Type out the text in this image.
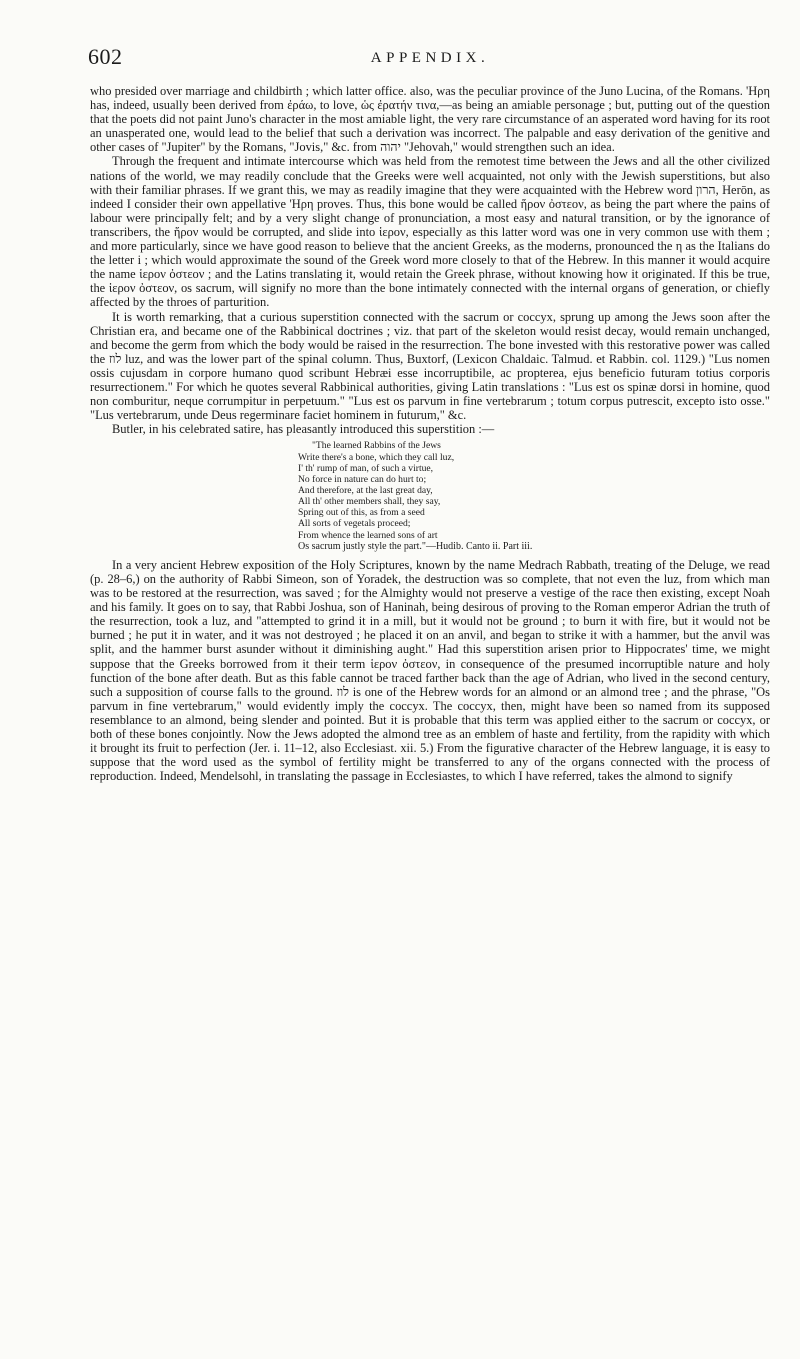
602	APPENDIX.

who presided over marriage and childbirth ; which latter office. also, was the peculiar province of the Juno Lucina, of the Romans. 'Ηρη has, indeed, usually been derived from ἐράω, to love, ὡς ἐρατήν τινα,—as being an amiable personage ; but, putting out of the question that the poets did not paint Juno's character in the most amiable light, the very rare circumstance of an asperated word having for its root an unasperated one, would lead to the belief that such a derivation was incorrect. The palpable and easy derivation of the genitive and other cases of "Jupiter" by the Romans, "Jovis," &c. from יהוה "Jehovah," would strengthen such an idea.

Through the frequent and intimate intercourse which was held from the remotest time between the Jews and all the other civilized nations of the world, we may readily conclude that the Greeks were well acquainted, not only with the Jewish superstitions, but also with their familiar phrases. If we grant this, we may as readily imagine that they were acquainted with the Hebrew word הרון, Herōn, as indeed I consider their own appellative 'Ηρη proves. Thus, this bone would be called ἥρον ὀστεον, as being the part where the pains of labour were principally felt; and by a very slight change of pronunciation, a most easy and natural transition, or by the ignorance of transcribers, the ἥρον would be corrupted, and slide into ἱερον, especially as this latter word was one in very common use with them ; and more particularly, since we have good reason to believe that the ancient Greeks, as the moderns, pronounced the η as the Italians do the letter i ; which would approximate the sound of the Greek word more closely to that of the Hebrew. In this manner it would acquire the name ἱερον ὀστεον ; and the Latins translating it, would retain the Greek phrase, without knowing how it originated. If this be true, the ἱερον ὀστεον, os sacrum, will signify no more than the bone intimately connected with the internal organs of generation, or chiefly affected by the throes of parturition.

It is worth remarking, that a curious superstition connected with the sacrum or coccyx, sprung up among the Jews soon after the Christian era, and became one of the Rabbinical doctrines ; viz. that part of the skeleton would resist decay, would remain unchanged, and become the germ from which the body would be raised in the resurrection. The bone invested with this restorative power was called the לוז luz, and was the lower part of the spinal column. Thus, Buxtorf, (Lexicon Chaldaic. Talmud. et Rabbin. col. 1129.) "Lus nomen ossis cujusdam in corpore humano quod scribunt Hebræi esse incorruptibile, ac propterea, ejus beneficio futuram totius corporis resurrectionem." For which he quotes several Rabbinical authorities, giving Latin translations : "Lus est os spinæ dorsi in homine, quod non comburitur, neque corrumpitur in perpetuum." "Lus est os parvum in fine vertebrarum ; totum corpus putrescit, excepto isto osse." "Lus vertebrarum, unde Deus regerminare faciet hominem in futurum," &c.

Butler, in his celebrated satire, has pleasantly introduced this superstition :—

"The learned Rabbins of the Jews
Write there's a bone, which they call luz,
I' th' rump of man, of such a virtue,
No force in nature can do hurt to;
And therefore, at the last great day,
All th' other members shall, they say,
Spring out of this, as from a seed
All sorts of vegetals proceed;
From whence the learned sons of art
Os sacrum justly style the part."—Hudib. Canto ii. Part iii.

In a very ancient Hebrew exposition of the Holy Scriptures, known by the name Medrach Rabbath, treating of the Deluge, we read (p. 28–6,) on the authority of Rabbi Simeon, son of Yoradek, the destruction was so complete, that not even the luz, from which man was to be restored at the resurrection, was saved ; for the Almighty would not preserve a vestige of the race then existing, except Noah and his family. It goes on to say, that Rabbi Joshua, son of Haninah, being desirous of proving to the Roman emperor Adrian the truth of the resurrection, took a luz, and "attempted to grind it in a mill, but it would not be ground ; to burn it with fire, but it would not be burned ; he put it in water, and it was not destroyed ; he placed it on an anvil, and began to strike it with a hammer, but the anvil was split, and the hammer burst asunder without it diminishing aught." Had this superstition arisen prior to Hippocrates' time, we might suppose that the Greeks borrowed from it their term ἱερον ὀστεον, in consequence of the presumed incorruptible nature and holy function of the bone after death. But as this fable cannot be traced farther back than the age of Adrian, who lived in the second century, such a supposition of course falls to the ground. לוז is one of the Hebrew words for an almond or an almond tree ; and the phrase, "Os parvum in fine vertebrarum," would evidently imply the coccyx. The coccyx, then, might have been so named from its supposed resemblance to an almond, being slender and pointed. But it is probable that this term was applied either to the sacrum or coccyx, or both of these bones conjointly. Now the Jews adopted the almond tree as an emblem of haste and fertility, from the rapidity with which it brought its fruit to perfection (Jer. i. 11–12, also Ecclesiast. xii. 5.) From the figurative character of the Hebrew language, it is easy to suppose that the word used as the symbol of fertility might be transferred to any of the organs connected with the process of reproduction. Indeed, Mendelsohl, in translating the passage in Ecclesiastes, to which I have referred, takes the almond to signify
